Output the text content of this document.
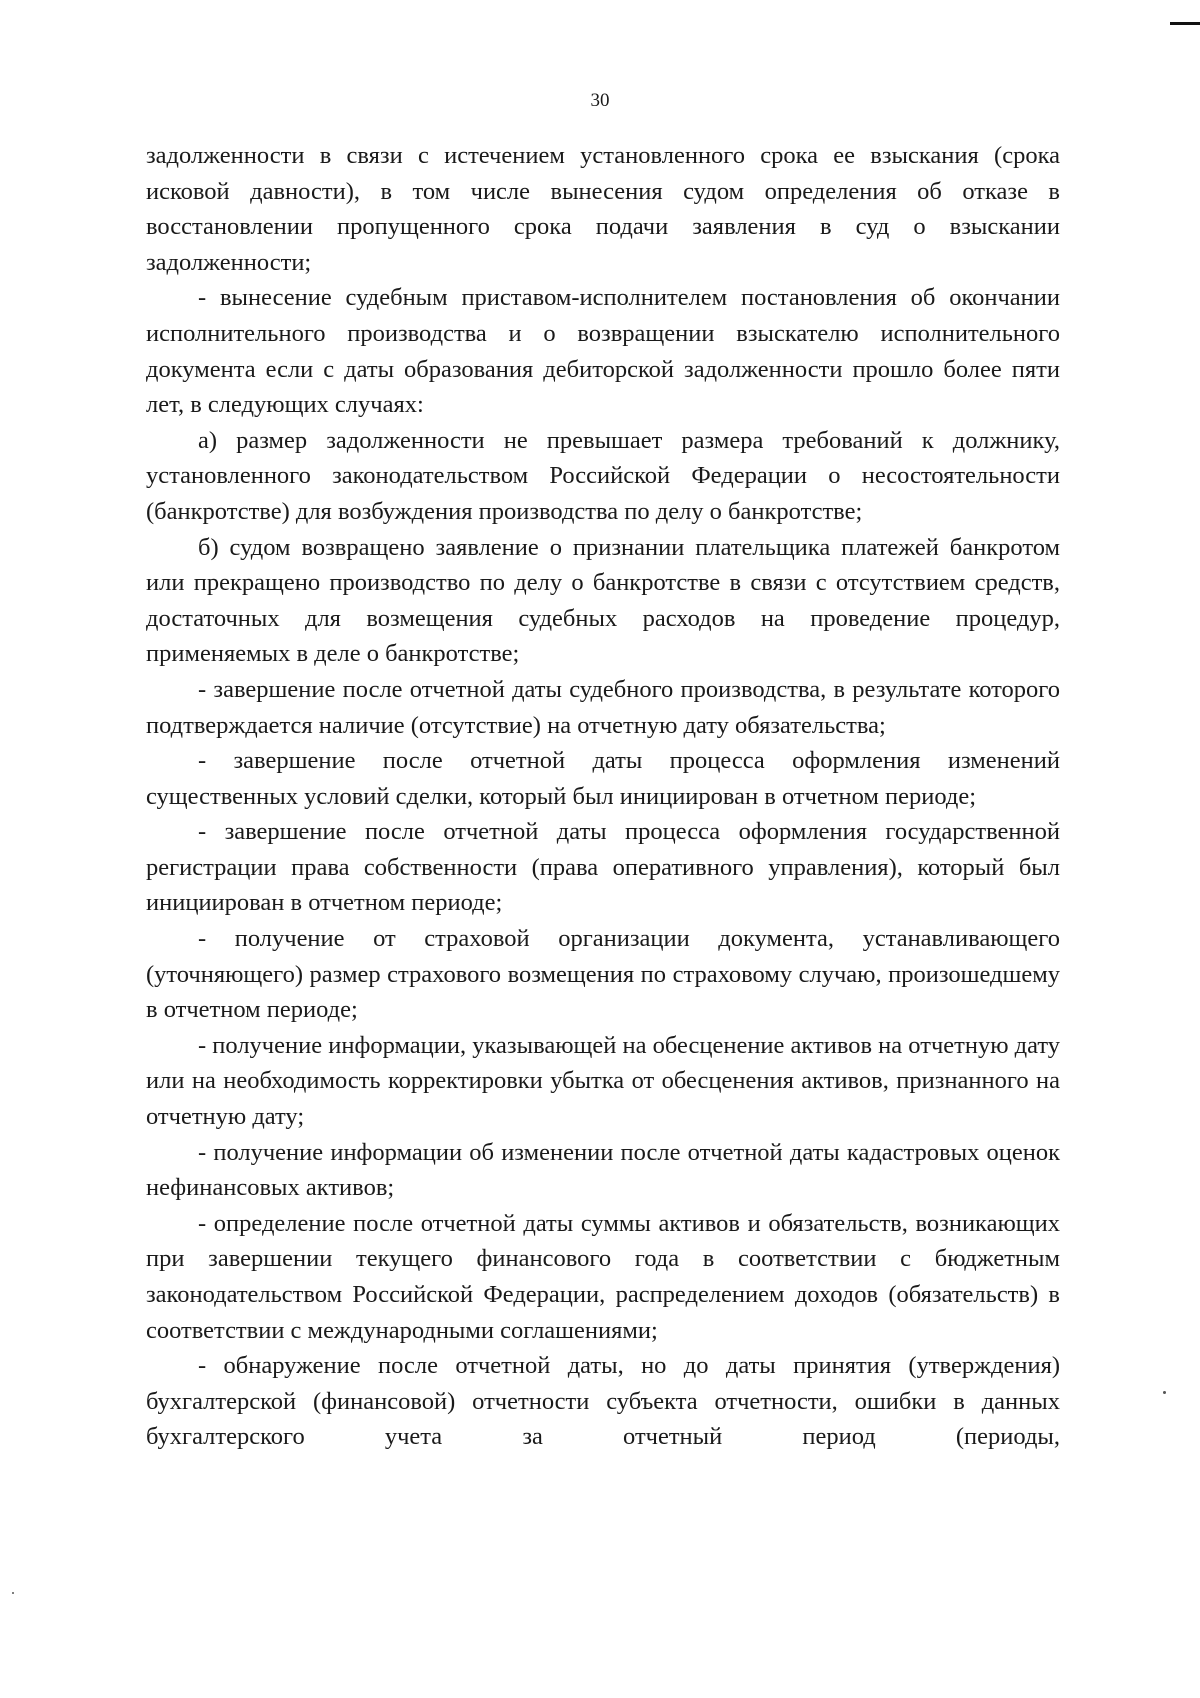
30

задолженности в связи с истечением установленного срока ее взыскания (срока исковой давности), в том числе вынесения судом определения об отказе в восстановлении пропущенного срока подачи заявления в суд о взыскании задолженности;

- вынесение судебным приставом-исполнителем постановления об окончании исполнительного производства и о возвращении взыскателю исполнительного документа если с даты образования дебиторской задолженности прошло более пяти лет, в следующих случаях:

а) размер задолженности не превышает размера требований к должнику, установленного законодательством Российской Федерации о несостоятельности (банкротстве) для возбуждения производства по делу о банкротстве;

б) судом возвращено заявление о признании плательщика платежей банкротом или прекращено производство по делу о банкротстве в связи с отсутствием средств, достаточных для возмещения судебных расходов на проведение процедур, применяемых в деле о банкротстве;

- завершение после отчетной даты судебного производства, в результате которого подтверждается наличие (отсутствие) на отчетную дату обязательства;

- завершение после отчетной даты процесса оформления изменений существенных условий сделки, который был инициирован в отчетном периоде;

- завершение после отчетной даты процесса оформления государственной регистрации права собственности (права оперативного управления), который был инициирован в отчетном периоде;

- получение от страховой организации документа, устанавливающего (уточняющего) размер страхового возмещения по страховому случаю, произошедшему в отчетном периоде;

- получение информации, указывающей на обесценение активов на отчетную дату или на необходимость корректировки убытка от обесценения активов, признанного на отчетную дату;

- получение информации об изменении после отчетной даты кадастровых оценок нефинансовых активов;

- определение после отчетной даты суммы активов и обязательств, возникающих при завершении текущего финансового года в соответствии с бюджетным законодательством Российской Федерации, распределением доходов (обязательств) в соответствии с международными соглашениями;

- обнаружение после отчетной даты, но до даты принятия (утверждения) бухгалтерской (финансовой) отчетности субъекта отчетности, ошибки в данных бухгалтерского учета за отчетный период (периоды,
